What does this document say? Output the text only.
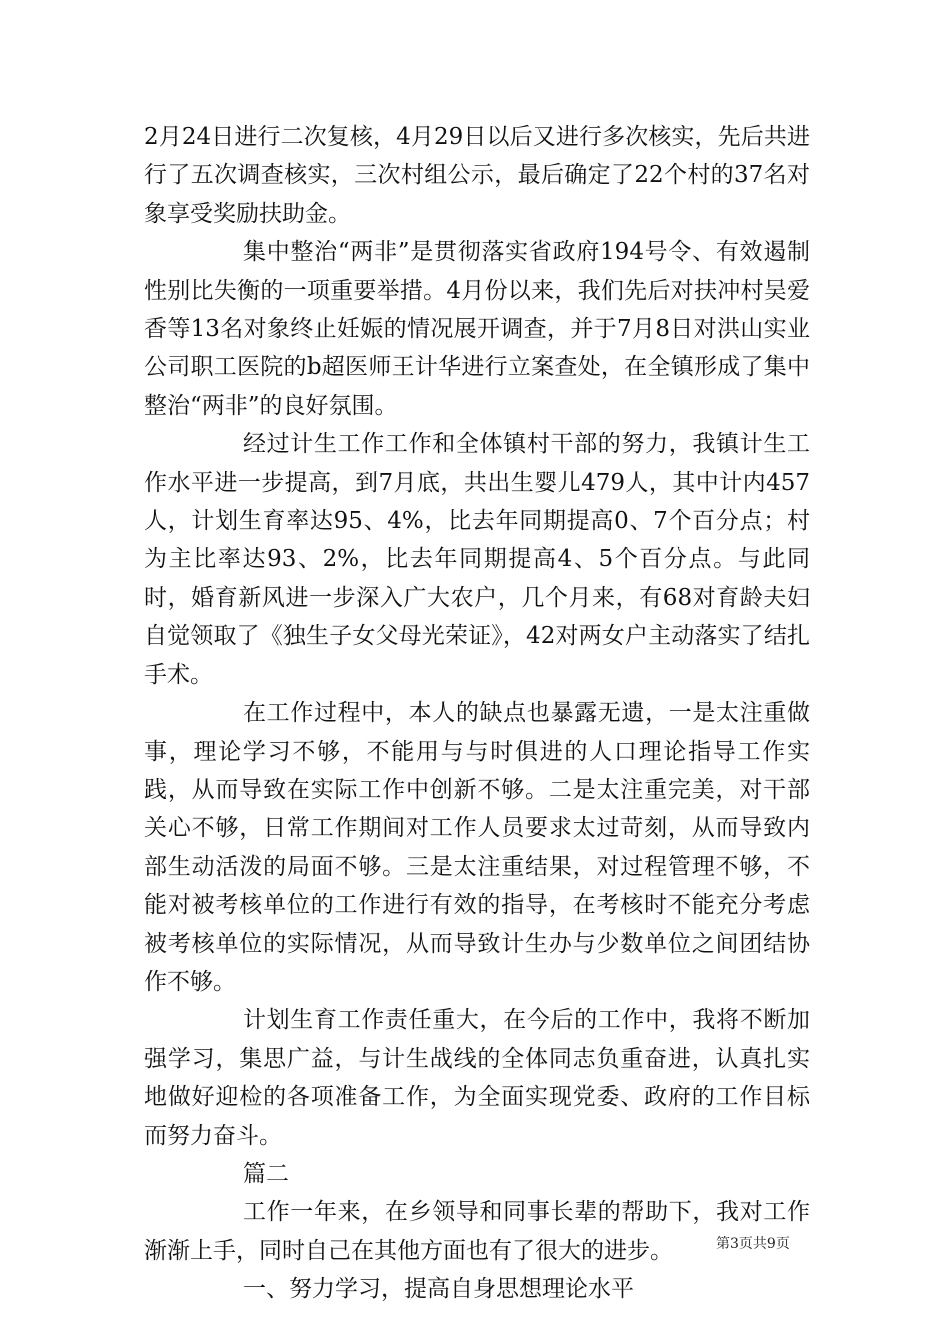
2月24日进行二次复核，4月29日以后又进行多次核实，先后共进行了五次调查核实，三次村组公示，最后确定了22个村的37名对象享受奖励扶助金。

集中整治“两非”是贯彻落实省政府194号令、有效遏制性别比失衡的一项重要举措。4月份以来，我们先后对扶冲村吴爱香等13名对象终止妊娠的情况展开调查，并于7月8日对洪山实业公司职工医院的b超医师王计华进行立案查处，在全镇形成了集中整治“两非”的良好氛围。

经过计生工作工作和全体镇村干部的努力，我镇计生工作水平进一步提高，到7月底，共出生婴儿479人，其中计内457人，计划生育率达95、4%，比去年同期提高0、7个百分点；村为主比率达93、2%，比去年同期提高4、5个百分点。与此同时，婚育新风进一步深入广大农户，几个月来，有68对育龄夫妇自觉领取了《独生子女父母光荣证》，42对两女户主动落实了结扎手术。

在工作过程中，本人的缺点也暴露无遗，一是太注重做事，理论学习不够，不能用与与时俱进的人口理论指导工作实践，从而导致在实际工作中创新不够。二是太注重完美，对干部关心不够，日常工作期间对工作人员要求太过苛刻，从而导致内部生动活泼的局面不够。三是太注重结果，对过程管理不够，不能对被考核单位的工作进行有效的指导，在考核时不能充分考虑被考核单位的实际情况，从而导致计生办与少数单位之间团结协作不够。

计划生育工作责任重大，在今后的工作中，我将不断加强学习，集思广益，与计生战线的全体同志负重奋进，认真扎实地做好迎检的各项准备工作，为全面实现党委、政府的工作目标而努力奋斗。

篇二

工作一年来，在乡领导和同事长辈的帮助下，我对工作渐渐上手，同时自己在其他方面也有了很大的进步。

一、努力学习，提高自身思想理论水平

第3页共9页
